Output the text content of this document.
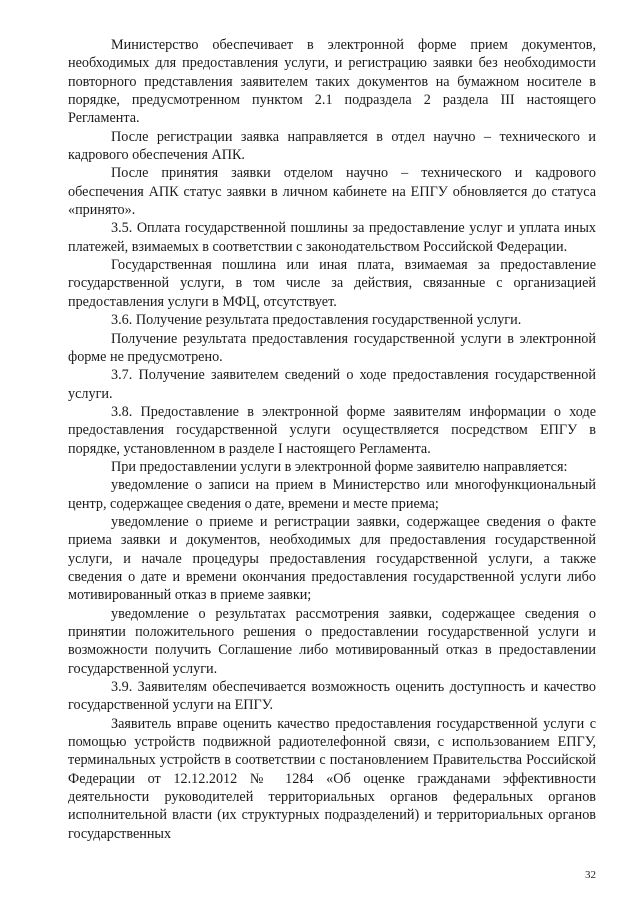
Министерство обеспечивает в электронной форме прием документов, необходимых для предоставления услуги, и регистрацию заявки без необходимости повторного представления заявителем таких документов на бумажном носителе в порядке, предусмотренном пунктом 2.1 подраздела 2 раздела III настоящего Регламента.

После регистрации заявка направляется в отдел научно – технического и кадрового обеспечения АПК.

После принятия заявки отделом научно – технического и кадрового обеспечения АПК статус заявки в личном кабинете на ЕПГУ обновляется до статуса «принято».

3.5. Оплата государственной пошлины за предоставление услуг и уплата иных платежей, взимаемых в соответствии с законодательством Российской Федерации.

Государственная пошлина или иная плата, взимаемая за предоставление государственной услуги, в том числе за действия, связанные с организацией предоставления услуги в МФЦ, отсутствует.

3.6. Получение результата предоставления государственной услуги.

Получение результата предоставления государственной услуги в электронной форме не предусмотрено.

3.7. Получение заявителем сведений о ходе предоставления государственной услуги.

3.8. Предоставление в электронной форме заявителям информации о ходе предоставления государственной услуги осуществляется посредством ЕПГУ в порядке, установленном в разделе I настоящего Регламента.

При предоставлении услуги в электронной форме заявителю направляется:

уведомление о записи на прием в Министерство или многофункциональный центр, содержащее сведения о дате, времени и месте приема;

уведомление о приеме и регистрации заявки, содержащее сведения о факте приема заявки и документов, необходимых для предоставления государственной услуги, и начале процедуры предоставления государственной услуги, а также сведения о дате и времени окончания предоставления государственной услуги либо мотивированный отказ в приеме заявки;

уведомление о результатах рассмотрения заявки, содержащее сведения о принятии положительного решения о предоставлении государственной услуги и возможности получить Соглашение либо мотивированный отказ в предоставлении государственной услуги.

3.9. Заявителям обеспечивается возможность оценить доступность и качество государственной услуги на ЕПГУ.

Заявитель вправе оценить качество предоставления государственной услуги с помощью устройств подвижной радиотелефонной связи, с использованием ЕПГУ, терминальных устройств в соответствии с постановлением Правительства Российской Федерации от 12.12.2012 № 1284 «Об оценке гражданами эффективности деятельности руководителей территориальных органов федеральных органов исполнительной власти (их структурных подразделений) и территориальных органов государственных

32
